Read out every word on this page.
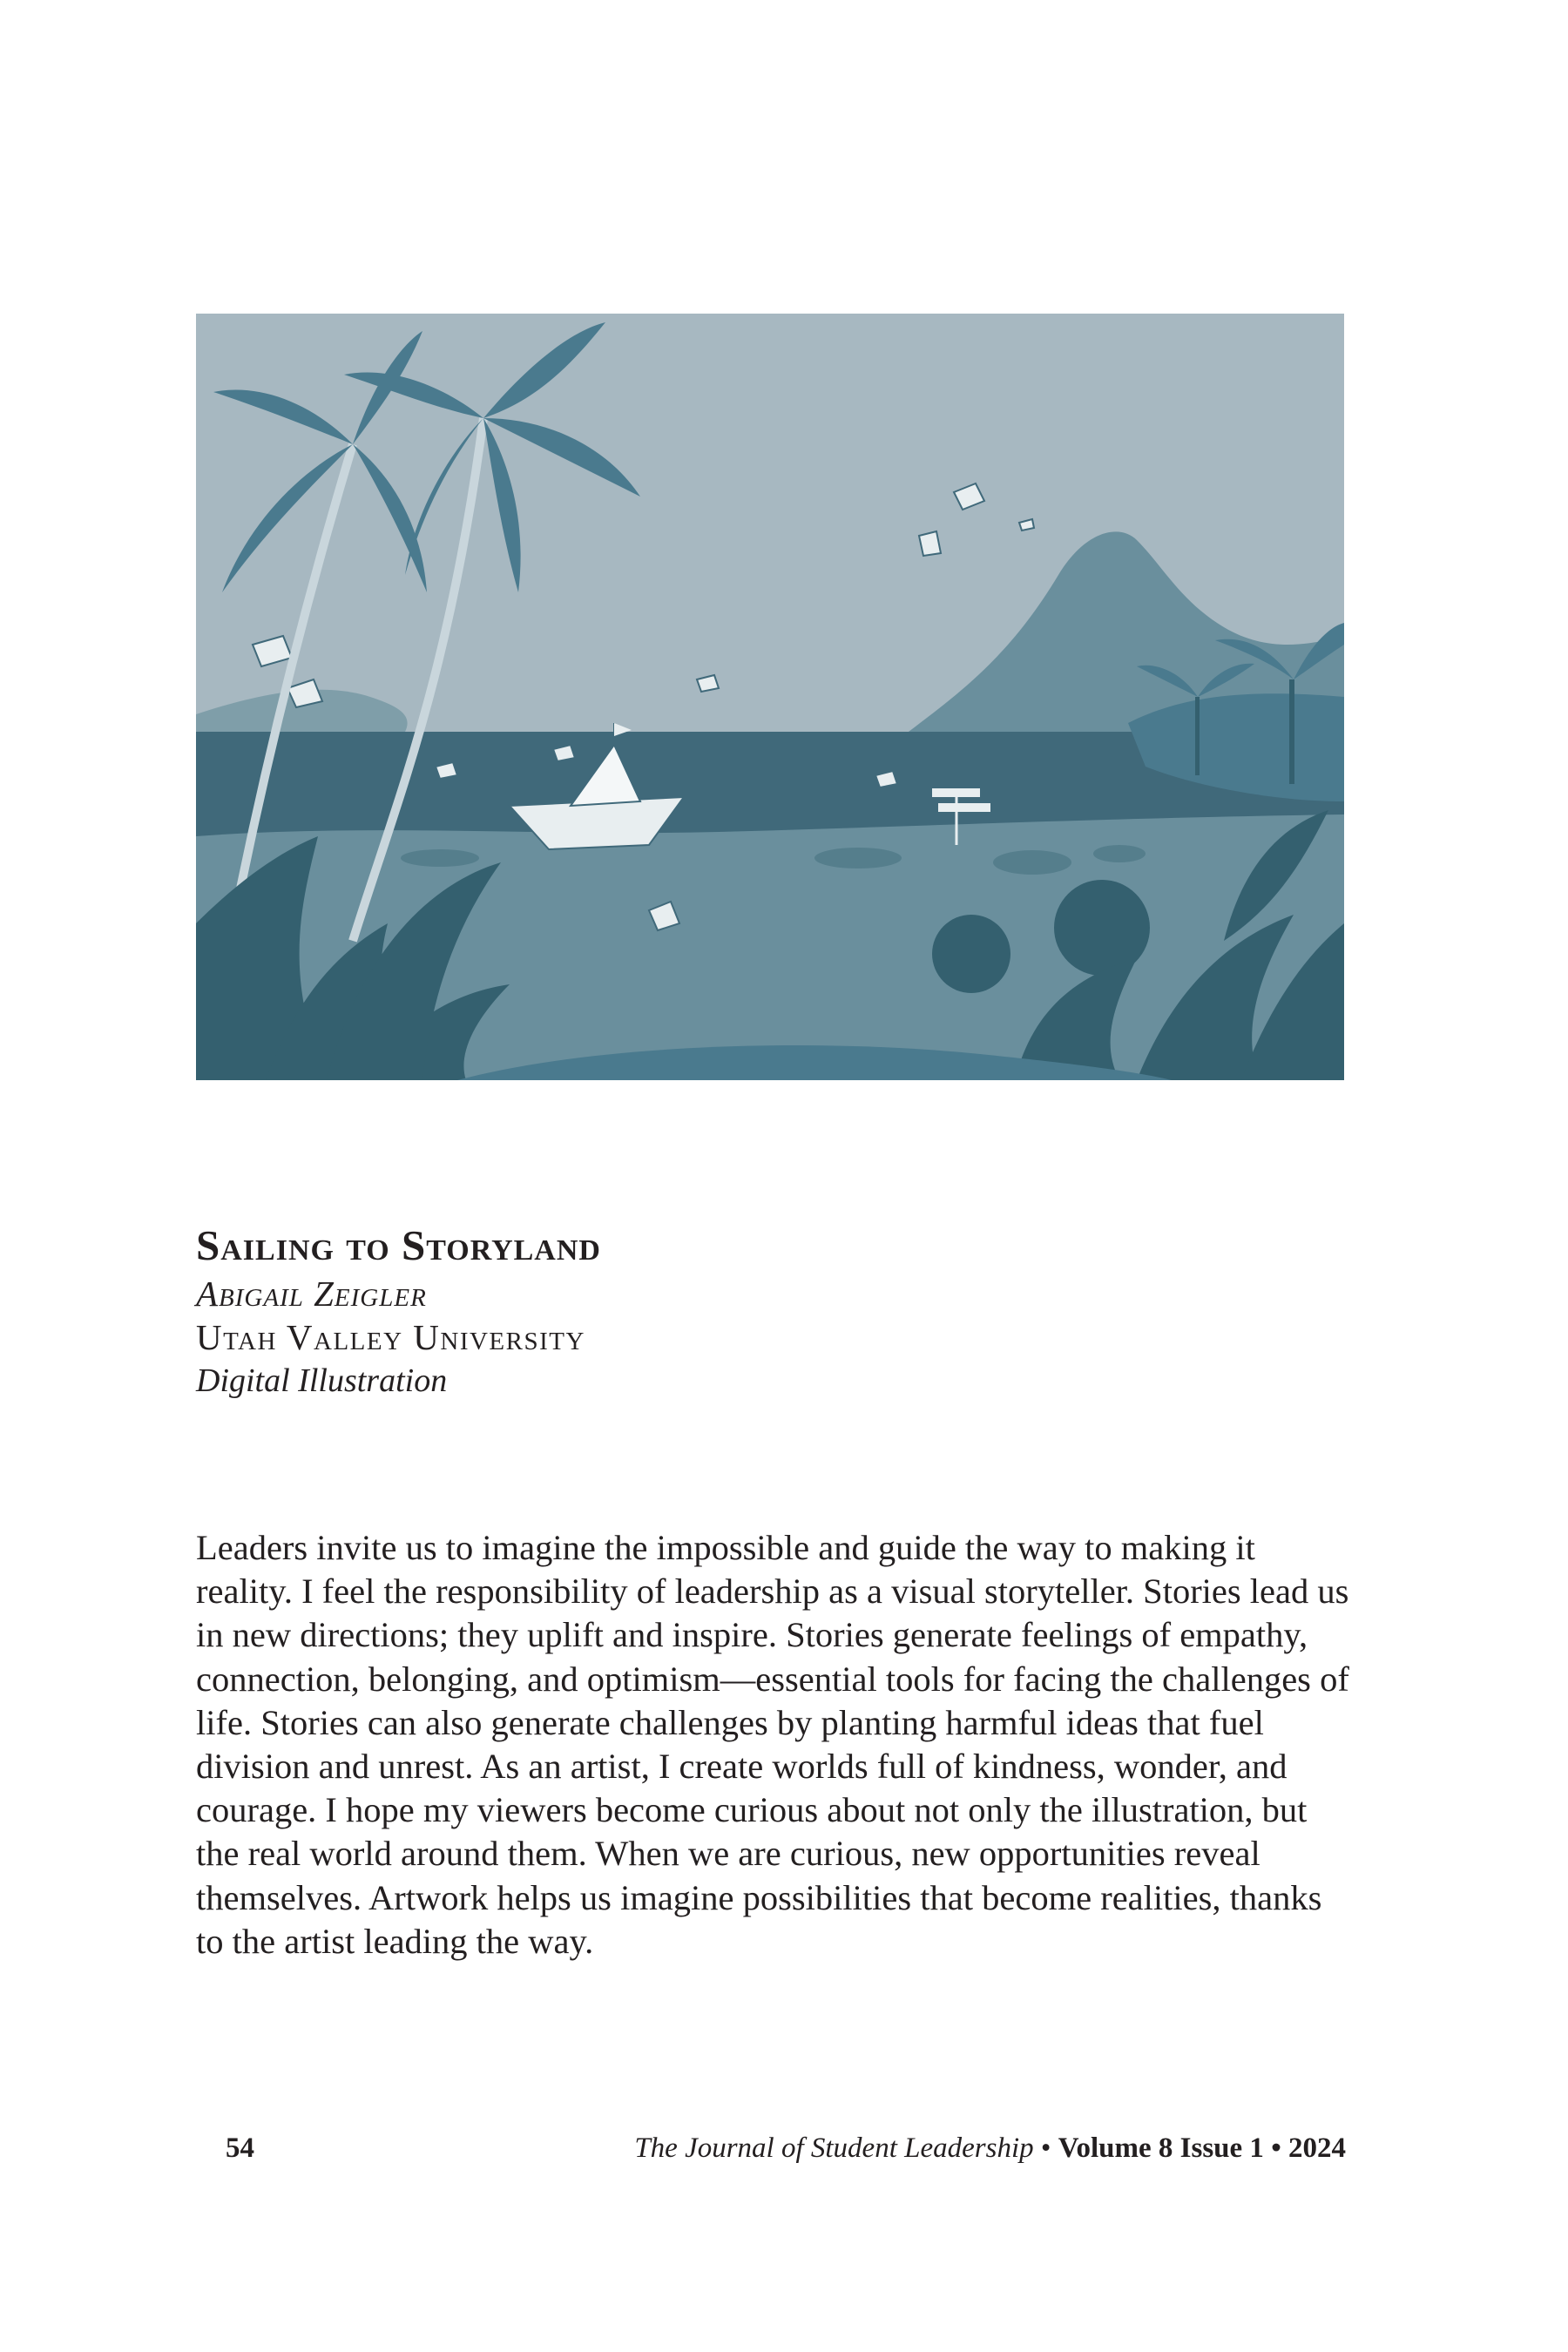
Sailing to Storyland

Abigail Zeigler

Utah Valley University

Digital Illustration

Leaders invite us to imagine the impossible and guide the way to making it reality. I feel the responsibility of leadership as a visual storyteller. Stories lead us in new directions; they uplift and inspire. Stories generate feelings of empathy, connection, belonging, and optimism—essential tools for facing the challenges of life. Stories can also generate challenges by planting harmful ideas that fuel division and unrest. As an artist, I create worlds full of kindness, wonder, and courage. I hope my viewers become curious about not only the illustration, but the real world around them. When we are curious, new opportunities reveal themselves. Artwork helps us imagine possibilities that become realities, thanks to the artist leading the way.

54	The Journal of Student Leadership • Volume 8 Issue 1 • 2024
